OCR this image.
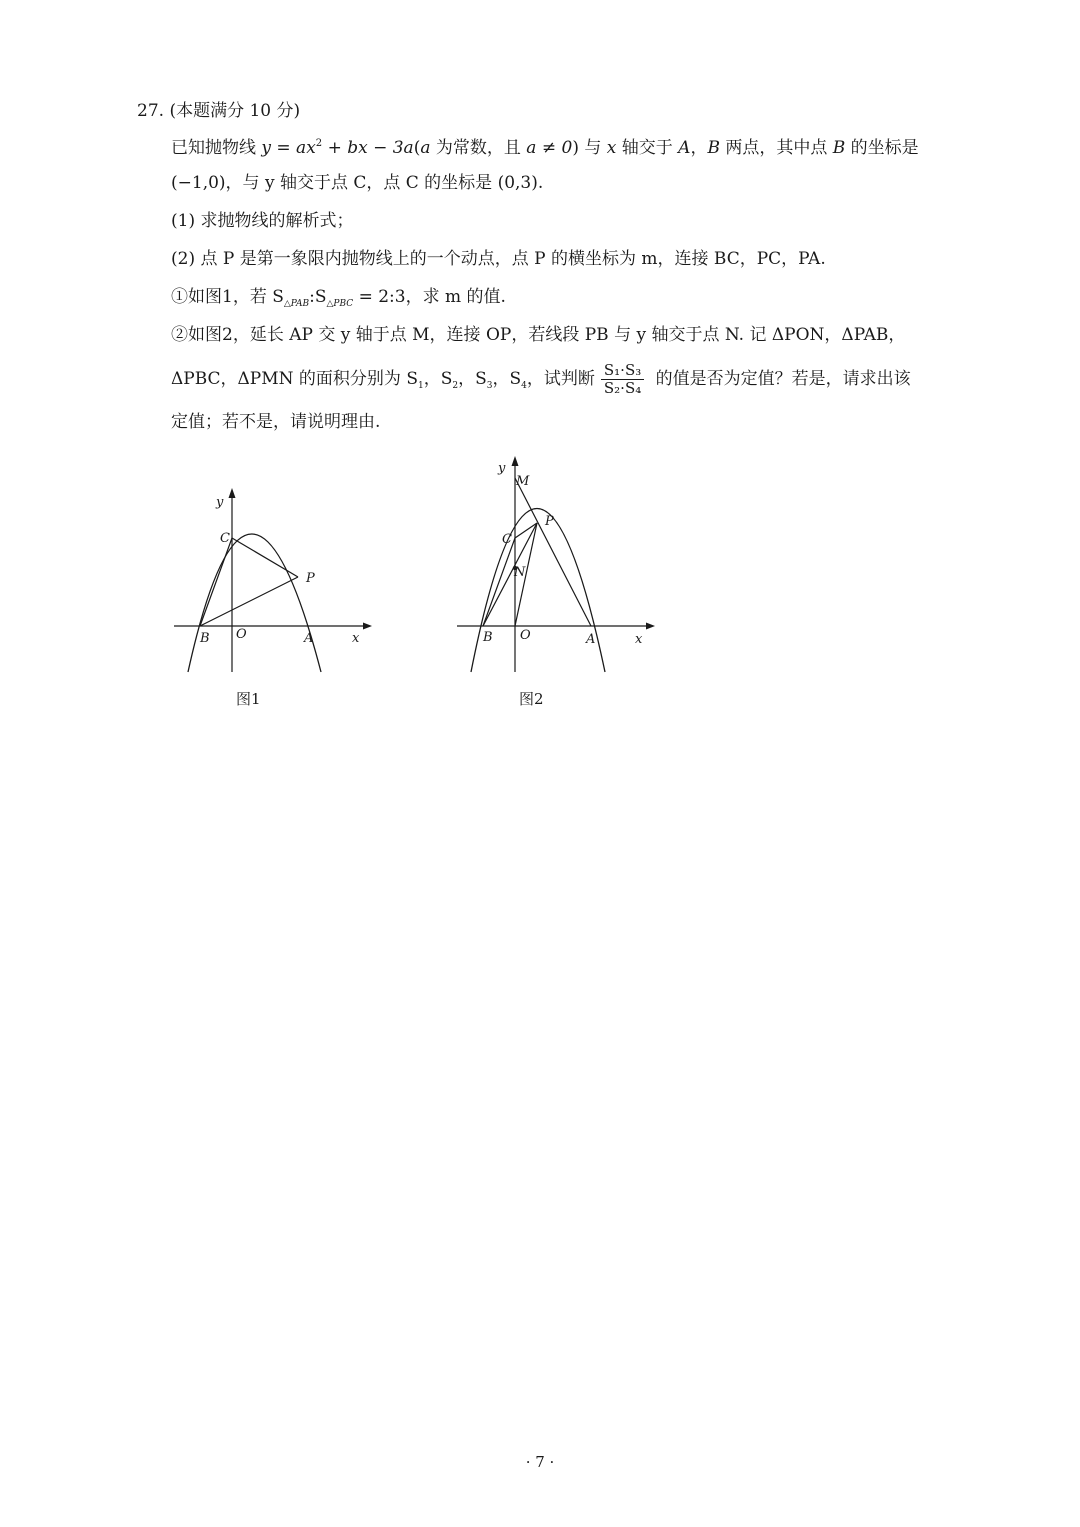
27. (本题满分 10 分)
已知抛物线 $y = ax^2$ + bx − 3a(a 为常数，且 a ≠ 0) 与 x 轴交于 A，B 两点，其中点 B 的坐标是
(−1,0)，与 y 轴交于点 C，点 C 的坐标是 (0,3).
(1) 求抛物线的解析式；
(2) 点 P 是第一象限内抛物线上的一个动点，点 P 的横坐标为 m，连接 BC，PC，PA.
①如图1，若 $S_{\triangle PAB}:S_{\triangle PBC}$ = 2:3，求 m 的值.
②如图2，延长 AP 交 y 轴于点 M，连接 OP，若线段 PB 与 y 轴交于点 N. 记 ΔPON，ΔPAB，
ΔPBC，ΔPMN 的面积分别为 $S_1$，$S_2$，$S_3$，$S_4$，试判断 $\frac{\text{S₁·S₃}}{\text{S₂·S₄}}$ 的值是否为定值？若是，请求出该
定值；若不是，请说明理由.
y
C
P
B O	A	x
图1
y
M
C
P
N
B O	A	x
图2
· 7 ·
